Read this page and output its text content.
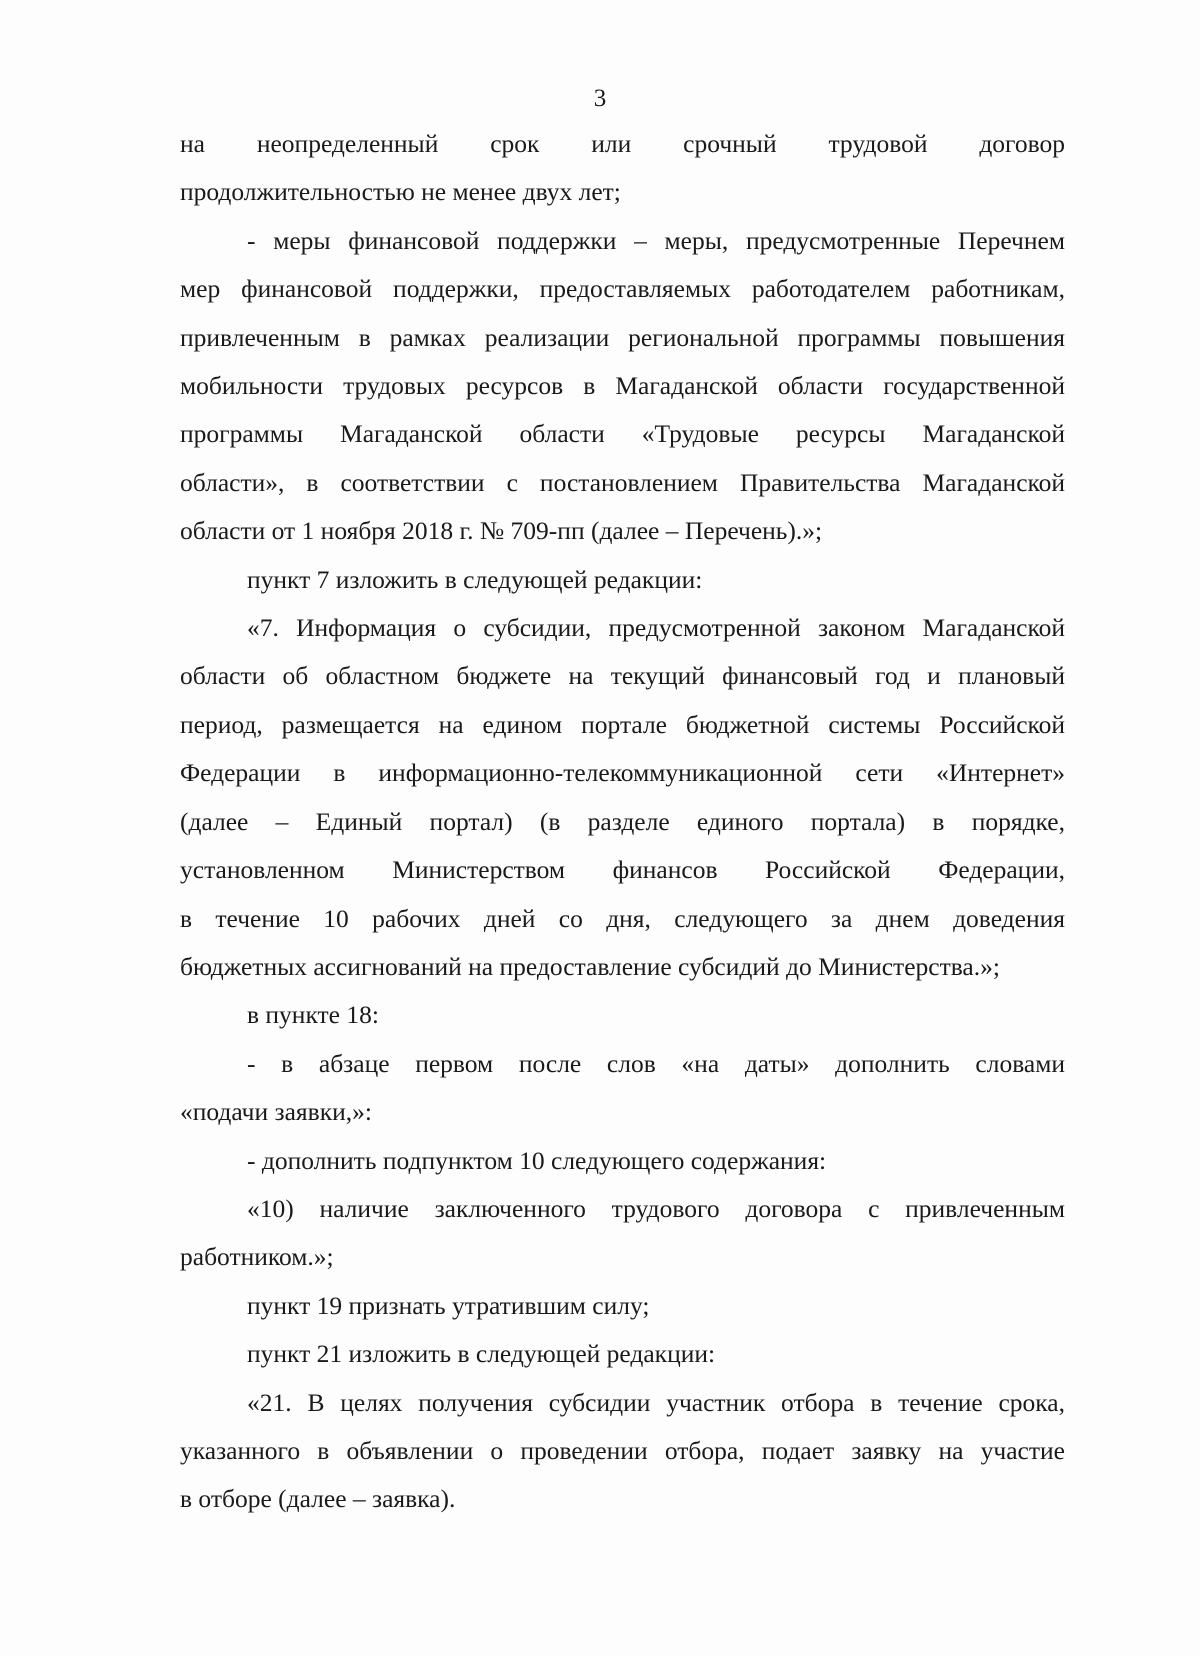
3

на неопределенный срок или срочный трудовой договор
продолжительностью не менее двух лет;

- меры финансовой поддержки – меры, предусмотренные Перечнем
мер финансовой поддержки, предоставляемых работодателем работникам,
привлеченным в рамках реализации региональной программы повышения
мобильности трудовых ресурсов в Магаданской области государственной
программы Магаданской области «Трудовые ресурсы Магаданской
области», в соответствии с постановлением Правительства Магаданской
области от 1 ноября 2018 г. № 709-пп (далее – Перечень).»;

пункт 7 изложить в следующей редакции:

«7. Информация о субсидии, предусмотренной законом Магаданской
области об областном бюджете на текущий финансовый год и плановый
период, размещается на едином портале бюджетной системы Российской
Федерации в информационно-телекоммуникационной сети «Интернет»
(далее – Единый портал) (в разделе единого портала) в порядке,
установленном Министерством финансов Российской Федерации,
в течение 10 рабочих дней со дня, следующего за днем доведения
бюджетных ассигнований на предоставление субсидий до Министерства.»;

в пункте 18:

- в абзаце первом после слов «на даты» дополнить словами
«подачи заявки,»:

- дополнить подпунктом 10 следующего содержания:

«10) наличие заключенного трудового договора с привлеченным
работником.»;

пункт 19 признать утратившим силу;

пункт 21 изложить в следующей редакции:

«21. В целях получения субсидии участник отбора в течение срока,
указанного в объявлении о проведении отбора, подает заявку на участие
в отборе (далее – заявка).
